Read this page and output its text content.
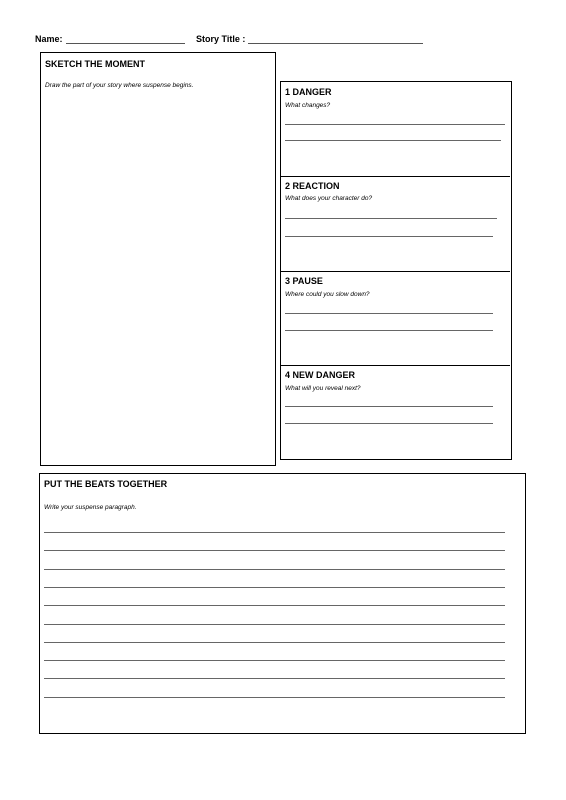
Name:	Story Title :
SKETCH THE MOMENT
Draw the part of your story where suspense begins.
1 DANGER
What changes?
2 REACTION
What does your character do?
3 PAUSE
Where could you slow down?
4 NEW DANGER
What will you reveal next?
PUT THE BEATS TOGETHER
Write your suspense paragraph.
